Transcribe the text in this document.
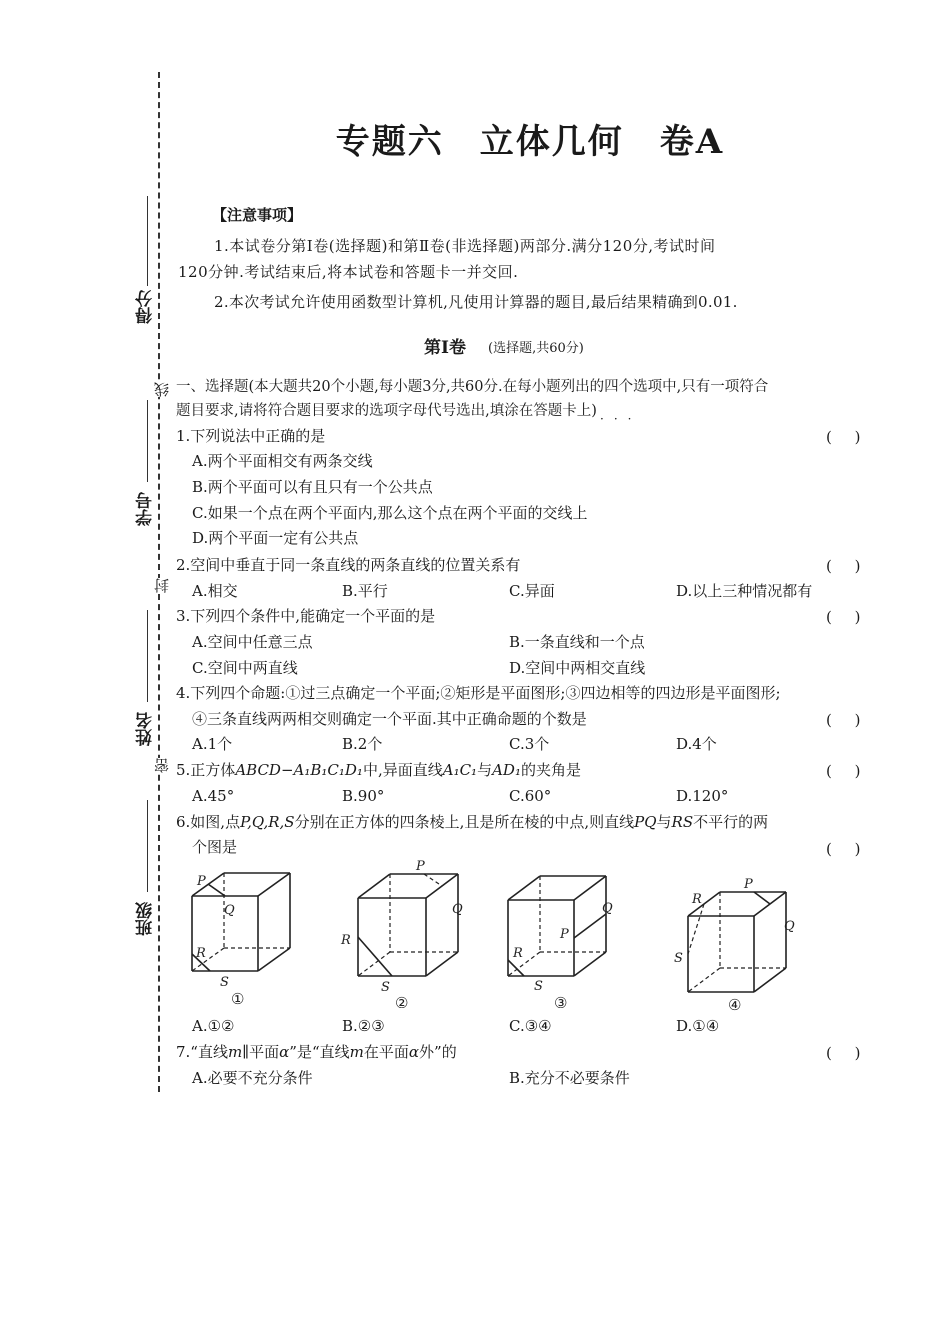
得分
学号
姓名
班级
线
封
密
专题六　立体几何　卷A
【注意事项】
1.本试卷分第Ⅰ卷(选择题)和第Ⅱ卷(非选择题)两部分.满分120分,考试时间
120分钟.考试结束后,将本试卷和答题卡一并交回.
2.本次考试允许使用函数型计算机,凡使用计算器的题目,最后结果精确到0.01.
第Ⅰ卷 (选择题,共60分)
一、选择题(本大题共20个小题,每小题3分,共60分.在每小题列出的四个选项中,只有一项符合
题目要求,请将符合题目要求的选项字母代号选出,填涂在答题卡上) ···
1.下列说法中正确的是	( )
A.两个平面相交有两条交线
B.两个平面可以有且只有一个公共点
C.如果一个点在两个平面内,那么这个点在两个平面的交线上
D.两个平面一定有公共点
2.空间中垂直于同一条直线的两条直线的位置关系有	( )
A.相交	B.平行	C.异面	D.以上三种情况都有
3.下列四个条件中,能确定一个平面的是	( )
A.空间中任意三点	B.一条直线和一个点
C.空间中两直线	D.空间中两相交直线
4.下列四个命题:①过三点确定一个平面;②矩形是平面图形;③四边相等的四边形是平面图形;
④三条直线两两相交则确定一个平面.其中正确命题的个数是	( )
A.1个	B.2个	C.3个	D.4个
5.正方体ABCD−A₁B₁C₁D₁中,异面直线A₁C₁与AD₁的夹角是	( )
A.45°	B.90°	C.60°	D.120°
6.如图,点P,Q,R,S分别在正方体的四条棱上,且是所在棱的中点,则直线PQ与RS不平行的两
个图是	( )
P
Q
R
S
①
P
Q
R
S
②
Q
P
R
S
③
P
R
Q
S
④
A.①②	B.②③	C.③④	D.①④
7.“直线m∥平面α”是“直线m在平面α外”的	( )
A.必要不充分条件	B.充分不必要条件
